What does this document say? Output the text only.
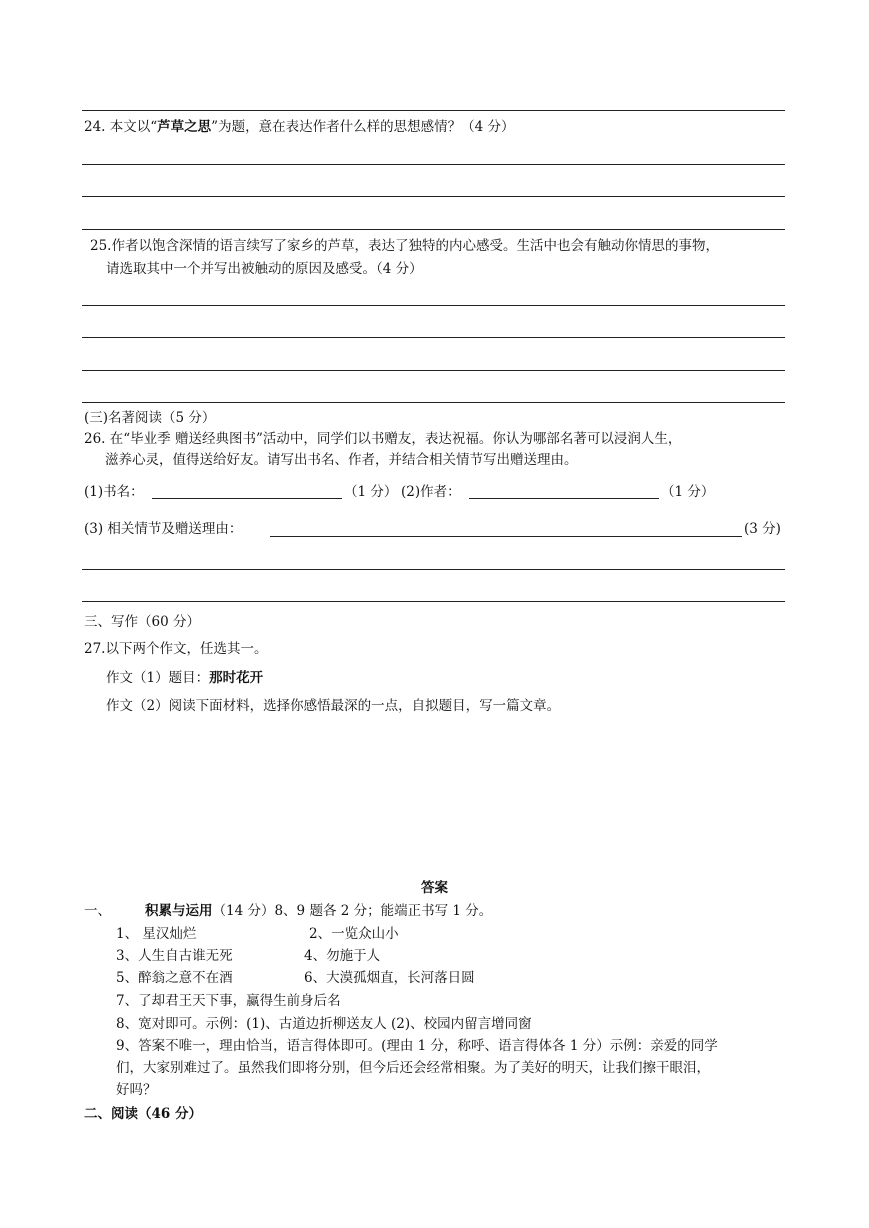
24. 本文以“芦草之思”为题，意在表达作者什么样的思想感情？（4 分）
25.作者以饱含深情的语言续写了家乡的芦草，表达了独特的内心感受。生活中也会有触动你情思的事物，
请选取其中一个并写出被触动的原因及感受。（4 分）
(三)名著阅读（5 分）
26. 在“毕业季 赠送经典图书”活动中，同学们以书赠友，表达祝福。你认为哪部名著可以浸润人生，
滋养心灵，值得送给好友。请写出书名、作者，并结合相关情节写出赠送理由。
(1)书名：	（1 分） (2)作者：	（1 分）
(3) 相关情节及赠送理由：	(3 分)
三、写作（60 分）
27.以下两个作文，任选其一。
作文（1）题目：那时花开
作文（2）阅读下面材料，选择你感悟最深的一点，自拟题目，写一篇文章。
答案
一、	积累与运用（14 分）8、9 题各 2 分；能端正书写 1 分。
1、 星汉灿烂	2、一览众山小
3、人生自古谁无死	4、勿施于人
5、醉翁之意不在酒	6、大漠孤烟直，长河落日圆
7、了却君王天下事，赢得生前身后名
8、宽对即可。示例：(1)、古道边折柳送友人 (2)、校园内留言增同窗
9、答案不唯一，理由恰当，语言得体即可。(理由 1 分，称呼、语言得体各 1 分）示例：亲爱的同学
们，大家别难过了。虽然我们即将分别，但今后还会经常相聚。为了美好的明天，让我们擦干眼泪，
好吗？
二、阅读（46 分）
